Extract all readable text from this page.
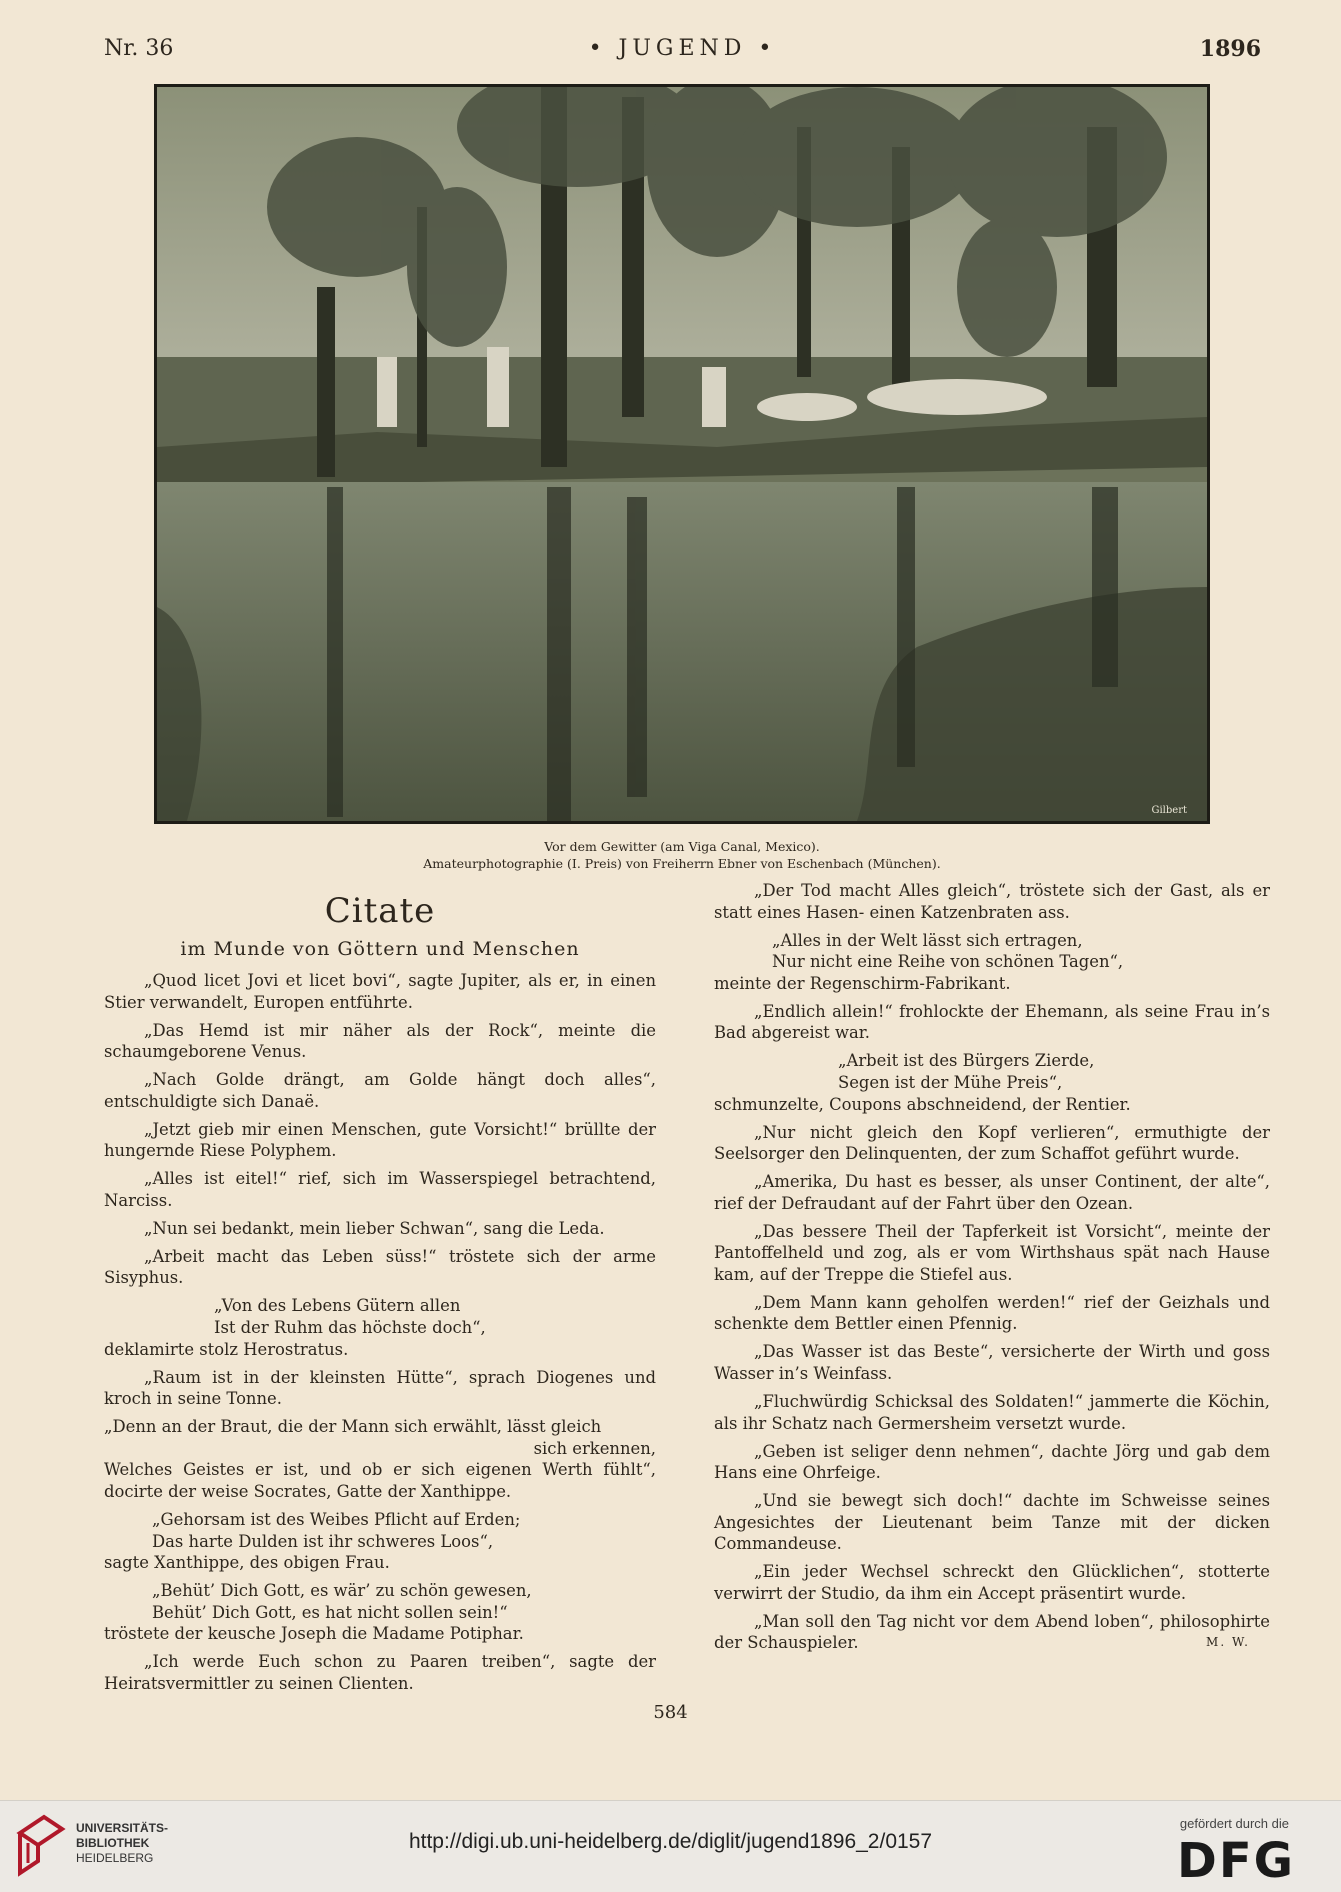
Nr. 36	• JUGEND •	1896
Gilbert
Vor dem Gewitter (am Viga Canal, Mexico).
Amateurphotographie (I. Preis) von Freiherrn Ebner von Eschenbach (München).
Citate
im Munde von Göttern und Menschen

„Quod licet Jovi et licet bovi“, sagte Jupiter, als er, in einen Stier verwandelt, Europen entführte.

„Das Hemd ist mir näher als der Rock“, meinte die schaumgeborene Venus.

„Nach Golde drängt, am Golde hängt doch alles“, entschuldigte sich Danaë.

„Jetzt gieb mir einen Menschen, gute Vorsicht!“ brüllte der hungernde Riese Polyphem.

„Alles ist eitel!“ rief, sich im Wasserspiegel betrachtend, Narciss.

„Nun sei bedankt, mein lieber Schwan“, sang die Leda.

„Arbeit macht das Leben süss!“ tröstete sich der arme Sisyphus.

„Von des Lebens Gütern allen
Ist der Ruhm das höchste doch“,

deklamirte stolz Herostratus.

„Raum ist in der kleinsten Hütte“, sprach Diogenes und kroch in seine Tonne.

„Denn an der Braut, die der Mann sich erwählt, lässt gleich

sich erkennen,

Welches Geistes er ist, und ob er sich eigenen Werth fühlt“, docirte der weise Socrates, Gatte der Xanthippe.

„Gehorsam ist des Weibes Pflicht auf Erden;
Das harte Dulden ist ihr schweres Loos“,

sagte Xanthippe, des obigen Frau.

„Behüt’ Dich Gott, es wär’ zu schön gewesen,
Behüt’ Dich Gott, es hat nicht sollen sein!“

tröstete der keusche Joseph die Madame Potiphar.

„Ich werde Euch schon zu Paaren treiben“, sagte der Heiratsvermittler zu seinen Clienten.

„Der Tod macht Alles gleich“, tröstete sich der Gast, als er statt eines Hasen- einen Katzenbraten ass.

„Alles in der Welt lässt sich ertragen,
Nur nicht eine Reihe von schönen Tagen“,

meinte der Regenschirm-Fabrikant.

„Endlich allein!“ frohlockte der Ehemann, als seine Frau in’s Bad abgereist war.

„Arbeit ist des Bürgers Zierde,
Segen ist der Mühe Preis“,

schmunzelte, Coupons abschneidend, der Rentier.

„Nur nicht gleich den Kopf verlieren“, ermuthigte der Seelsorger den Delinquenten, der zum Schaffot geführt wurde.

„Amerika, Du hast es besser, als unser Continent, der alte“, rief der Defraudant auf der Fahrt über den Ozean.

„Das bessere Theil der Tapferkeit ist Vorsicht“, meinte der Pantoffelheld und zog, als er vom Wirthshaus spät nach Hause kam, auf der Treppe die Stiefel aus.

„Dem Mann kann geholfen werden!“ rief der Geizhals und schenkte dem Bettler einen Pfennig.

„Das Wasser ist das Beste“, versicherte der Wirth und goss Wasser in’s Weinfass.

„Fluchwürdig Schicksal des Soldaten!“ jammerte die Köchin, als ihr Schatz nach Germersheim versetzt wurde.

„Geben ist seliger denn nehmen“, dachte Jörg und gab dem Hans eine Ohrfeige.

„Und sie bewegt sich doch!“ dachte im Schweisse seines Angesichtes der Lieutenant beim Tanze mit der dicken Commandeuse.

„Ein jeder Wechsel schreckt den Glücklichen“, stotterte verwirrt der Studio, da ihm ein Accept präsentirt wurde.

„Man soll den Tag nicht vor dem Abend loben“, philosophirte der Schauspieler.	M. W.

584
UNIVERSITÄTS-
BIBLIOTHEK
HEIDELBERG
http://digi.ub.uni-heidelberg.de/diglit/jugend1896_2/0157
gefördert durch die
DFG
